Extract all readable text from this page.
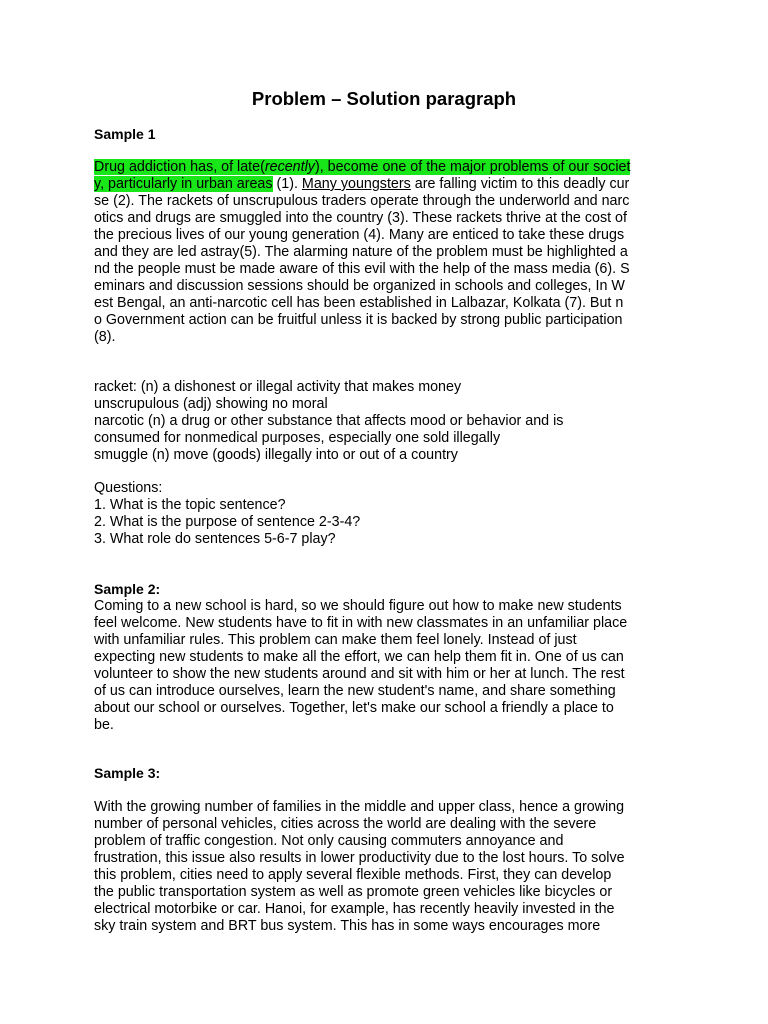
Problem – Solution paragraph
Sample 1
Drug addiction has, of late(recently), become one of the major problems of our societ
y, particularly in urban areas (1). Many youngsters are falling victim to this deadly cur
se (2). The rackets of unscrupulous traders operate through the underworld and narc
otics and drugs are smuggled into the country (3). These rackets thrive at the cost of
the precious lives of our young generation (4). Many are enticed to take these drugs
and they are led astray(5). The alarming nature of the problem must be highlighted a
nd the people must be made aware of this evil with the help of the mass media (6). S
eminars and discussion sessions should be organized in schools and colleges, In W
est Bengal, an anti-narcotic cell has been established in Lalbazar, Kolkata (7). But n
o Government action can be fruitful unless it is backed by strong public participation
(8).
racket: (n) a dishonest or illegal activity that makes money
unscrupulous (adj) showing no moral
narcotic (n) a drug or other substance that affects mood or behavior and is
consumed for nonmedical purposes, especially one sold illegally
smuggle (n) move (goods) illegally into or out of a country
Questions:
1. What is the topic sentence?
2. What is the purpose of sentence 2-3-4?
3. What role do sentences 5-6-7 play?
Sample 2:
Coming to a new school is hard, so we should figure out how to make new students
feel welcome. New students have to fit in with new classmates in an unfamiliar place
with unfamiliar rules. This problem can make them feel lonely. Instead of just
expecting new students to make all the effort, we can help them fit in. One of us can
volunteer to show the new students around and sit with him or her at lunch. The rest
of us can introduce ourselves, learn the new student's name, and share something
about our school or ourselves. Together, let's make our school a friendly a place to
be.
Sample 3:
With the growing number of families in the middle and upper class, hence a growing
number of personal vehicles, cities across the world are dealing with the severe
problem of traffic congestion. Not only causing commuters annoyance and
frustration, this issue also results in lower productivity due to the lost hours. To solve
this problem, cities need to apply several flexible methods. First, they can develop
the public transportation system as well as promote green vehicles like bicycles or
electrical motorbike or car. Hanoi, for example, has recently heavily invested in the
sky train system and BRT bus system. This has in some ways encourages more
